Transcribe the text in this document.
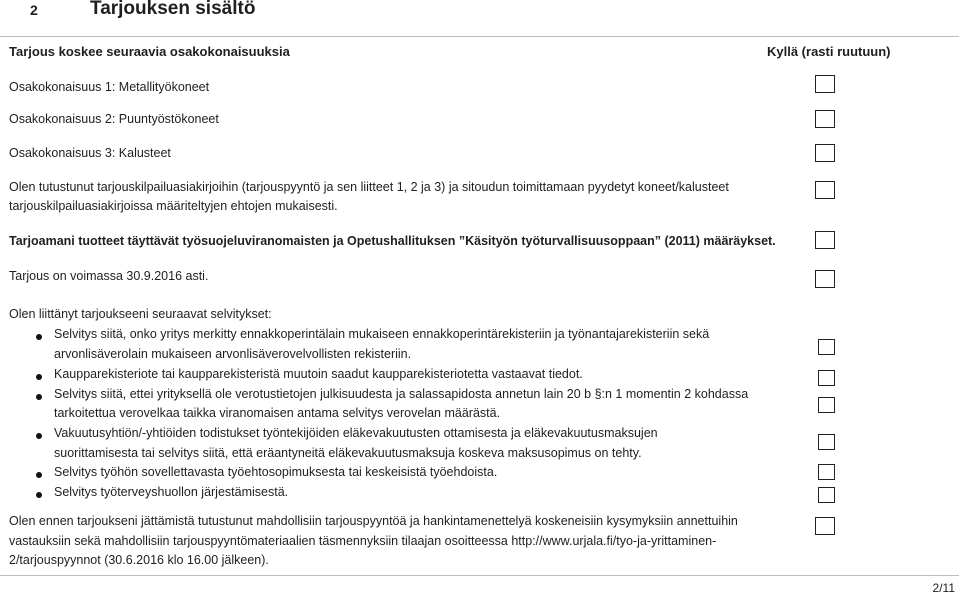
2	Tarjouksen sisältö
Tarjous koskee seuraavia osakokonaisuuksia	Kyllä (rasti ruutuun)
Osakokonaisuus 1: Metallityökoneet
Osakokonaisuus 2: Puuntyöstökoneet
Osakokonaisuus 3: Kalusteet
Olen tutustunut tarjouskilpailuasiakirjoihin (tarjouspyyntö ja sen liitteet 1, 2 ja 3) ja sitoudun toimittamaan pyydetyt koneet/kalusteet
tarjouskilpailuasiakirjoissa määriteltyjen ehtojen mukaisesti.
Tarjoamani tuotteet täyttävät työsuojeluviranomaisten ja Opetushallituksen ”Käsityön työturvallisuusoppaan” (2011) määräykset.
Tarjous on voimassa 30.9.2016 asti.
Olen liittänyt tarjoukseeni seuraavat selvitykset:
Selvitys siitä, onko yritys merkitty ennakkoperintälain mukaiseen ennakkoperintärekisteriin ja työnantajarekisteriin sekä
arvonlisäverolain mukaiseen arvonlisäverovelvollisten rekisteriin.
Kaupparekisteriote tai kaupparekisteristä muutoin saadut kaupparekisteriotetta vastaavat tiedot.
Selvitys siitä, ettei yrityksellä ole verotustietojen julkisuudesta ja salassapidosta annetun lain 20 b §:n 1 momentin 2 kohdassa
tarkoitettua verovelkaa taikka viranomaisen antama selvitys verovelan määrästä.
Vakuutusyhtiön/-yhtiöiden todistukset työntekijöiden eläkevakuutusten ottamisesta ja eläkevakuutusmaksujen
suorittamisesta tai selvitys siitä, että eräantyneitä eläkevakuutusmaksuja koskeva maksusopimus on tehty.
Selvitys työhön sovellettavasta työehtosopimuksesta tai keskeisistä työehdoista.
Selvitys työterveyshuollon järjestämisestä.
Olen ennen tarjoukseni jättämistä tutustunut mahdollisiin tarjouspyyntöä ja hankintamenettelyä koskeneisiin kysymyksiin annettuihin
vastauksiin sekä mahdollisiin tarjouspyyntömateriaalien täsmennyksiin tilaajan osoitteessa http://www.urjala.fi/tyo-ja-yrittaminen-
2/tarjouspyynnot (30.6.2016 klo 16.00 jälkeen).
2/11
